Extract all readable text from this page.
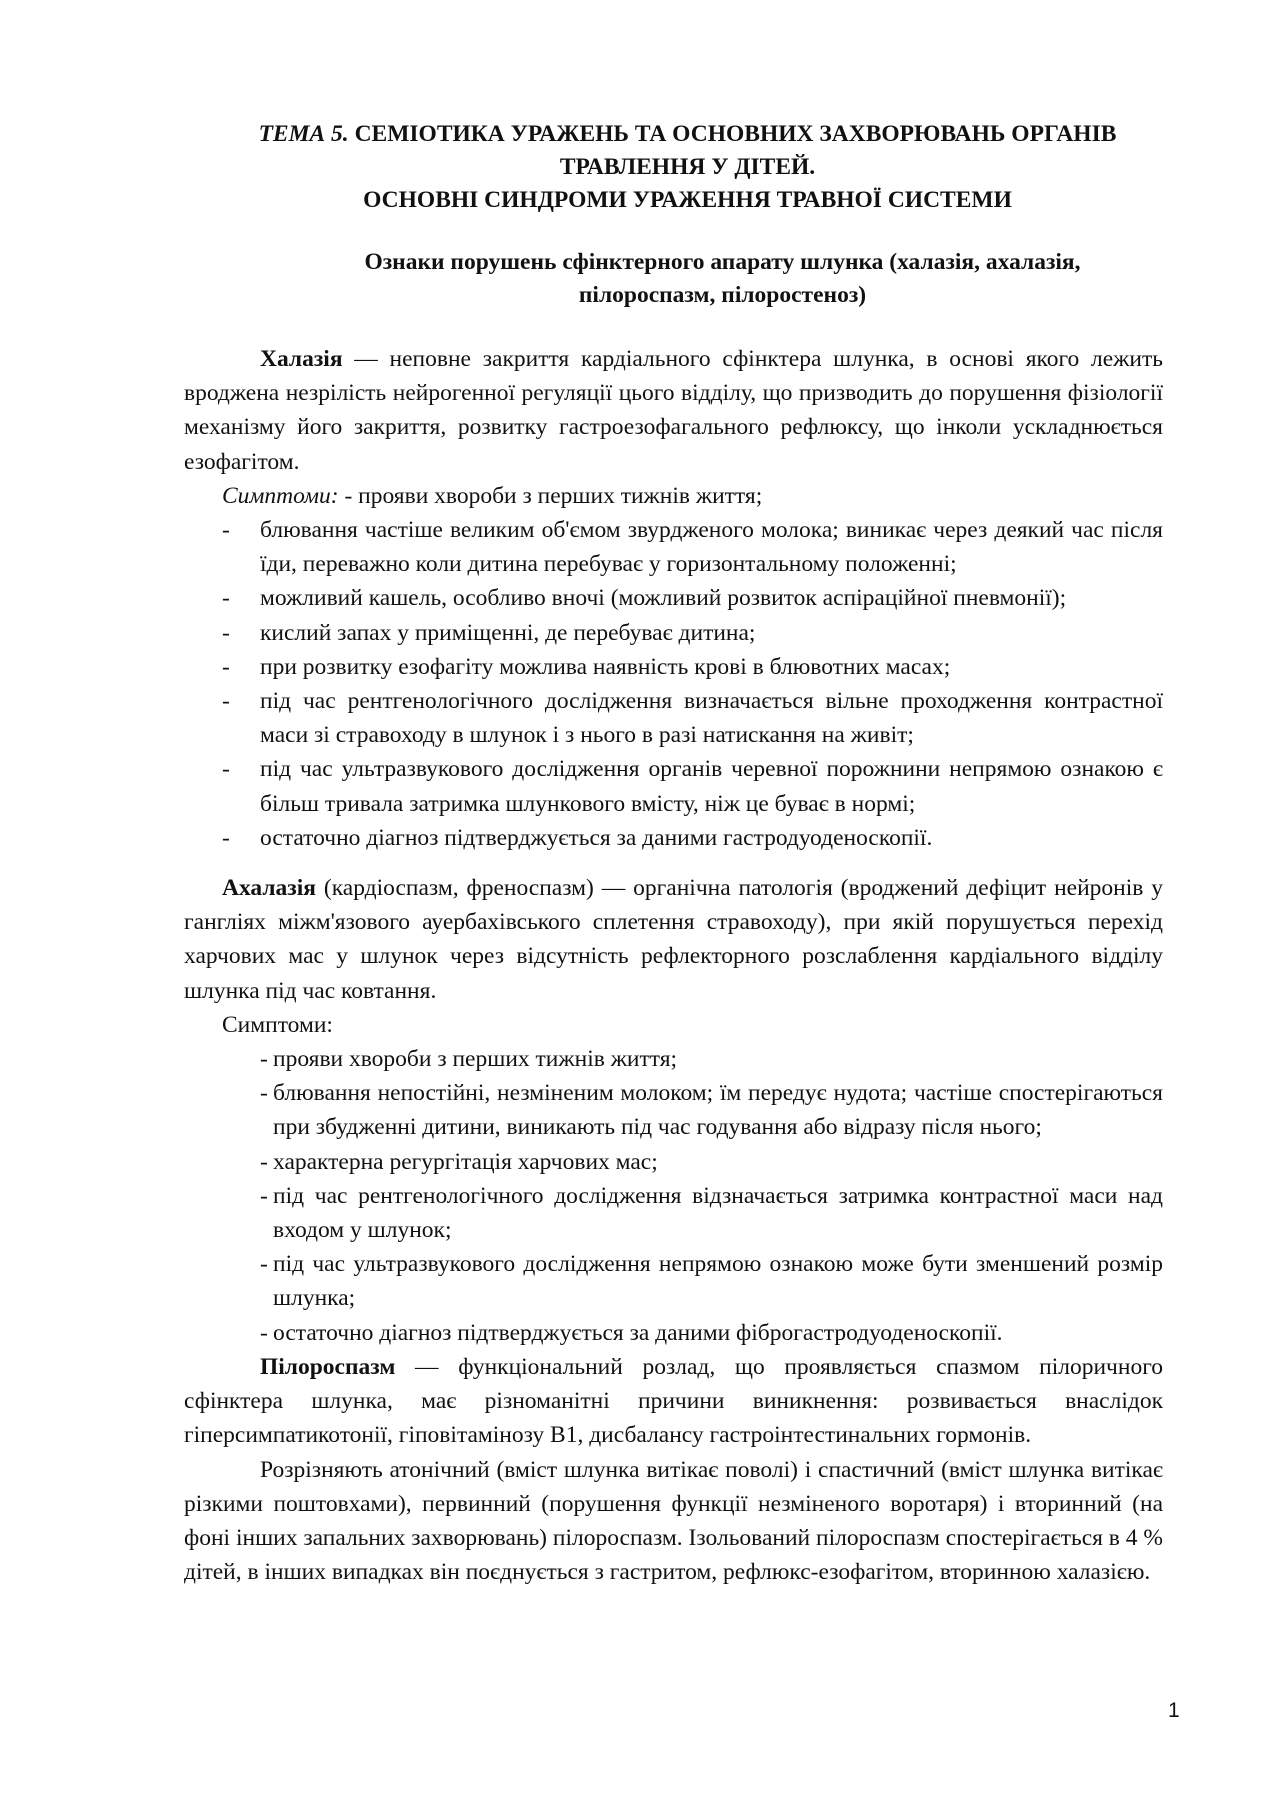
ТЕМА 5. СЕМІОТИКА УРАЖЕНЬ ТА ОСНОВНИХ ЗАХВОРЮВАНЬ ОРГАНІВ
ТРАВЛЕННЯ У ДІТЕЙ.
ОСНОВНІ СИНДРОМИ УРАЖЕННЯ ТРАВНОЇ СИСТЕМИ

Ознаки порушень сфінктерного апарату шлунка (халазія, ахалазія,
пілороспазм, пілоростеноз)

Халазія — неповне закриття кардіального сфінктера шлунка, в основі якого лежить вроджена незрілість нейрогенної регуляції цього відділу, що призводить до порушення фізіології механізму його закриття, розвитку гастроезофагального рефлюксу, що інколи ускладнюється езофагітом.

Симптоми: - прояви хвороби з перших тижнів життя;

- блювання частіше великим об'ємом звурдженого молока; виникає через деякий час після їди, переважно коли дитина перебуває у горизонтальному положенні;
- можливий кашель, особливо вночі (можливий розвиток аспіраційної пневмонії);
- кислий запах у приміщенні, де перебуває дитина;
- при розвитку езофагіту можлива наявність крові в блювотних масах;
- під час рентгенологічного дослідження визначається вільне проходження контрастної маси зі стравоходу в шлунок і з нього в разі натискання на живіт;
- під час ультразвукового дослідження органів черевної порожнини непрямою ознакою є більш тривала затримка шлункового вмісту, ніж це буває в нормі;
- остаточно діагноз підтверджується за даними гастродуоденоскопії.

Ахалазія (кардіоспазм, френоспазм) — органічна патологія (вроджений дефіцит нейронів у гангліях міжм'язового ауербахівського сплетення стравоходу), при якій порушується перехід харчових мас у шлунок через відсутність рефлекторного розслаблення кардіального відділу шлунка під час ковтання.

Симптоми:

- прояви хвороби з перших тижнів життя;
- блювання непостійні, незміненим молоком; їм передує нудота; частіше спостерігаються при збудженні дитини, виникають під час годування або відразу після нього;
- характерна регургітація харчових мас;
- під час рентгенологічного дослідження відзначається затримка контрастної маси над входом у шлунок;
- під час ультразвукового дослідження непрямою ознакою може бути зменшений розмір шлунка;
- остаточно діагноз підтверджується за даними фіброгастродуоденоскопії.

Пілороспазм — функціональний розлад, що проявляється спазмом пілоричного сфінктера шлунка, має різноманітні причини виникнення: розвивається внаслідок гіперсимпатикотонії, гіповітамінозу B1, дисбалансу гастроінтестинальних гормонів.

Розрізняють атонічний (вміст шлунка витікає поволі) і спастичний (вміст шлунка витікає різкими поштовхами), первинний (порушення функції незміненого воротаря) і вторинний (на фоні інших запальних захворювань) пілороспазм. Ізольований пілороспазм спостерігається в 4 % дітей, в інших випадках він поєднується з гастритом, рефлюкс-езофагітом, вторинною халазією.

1
